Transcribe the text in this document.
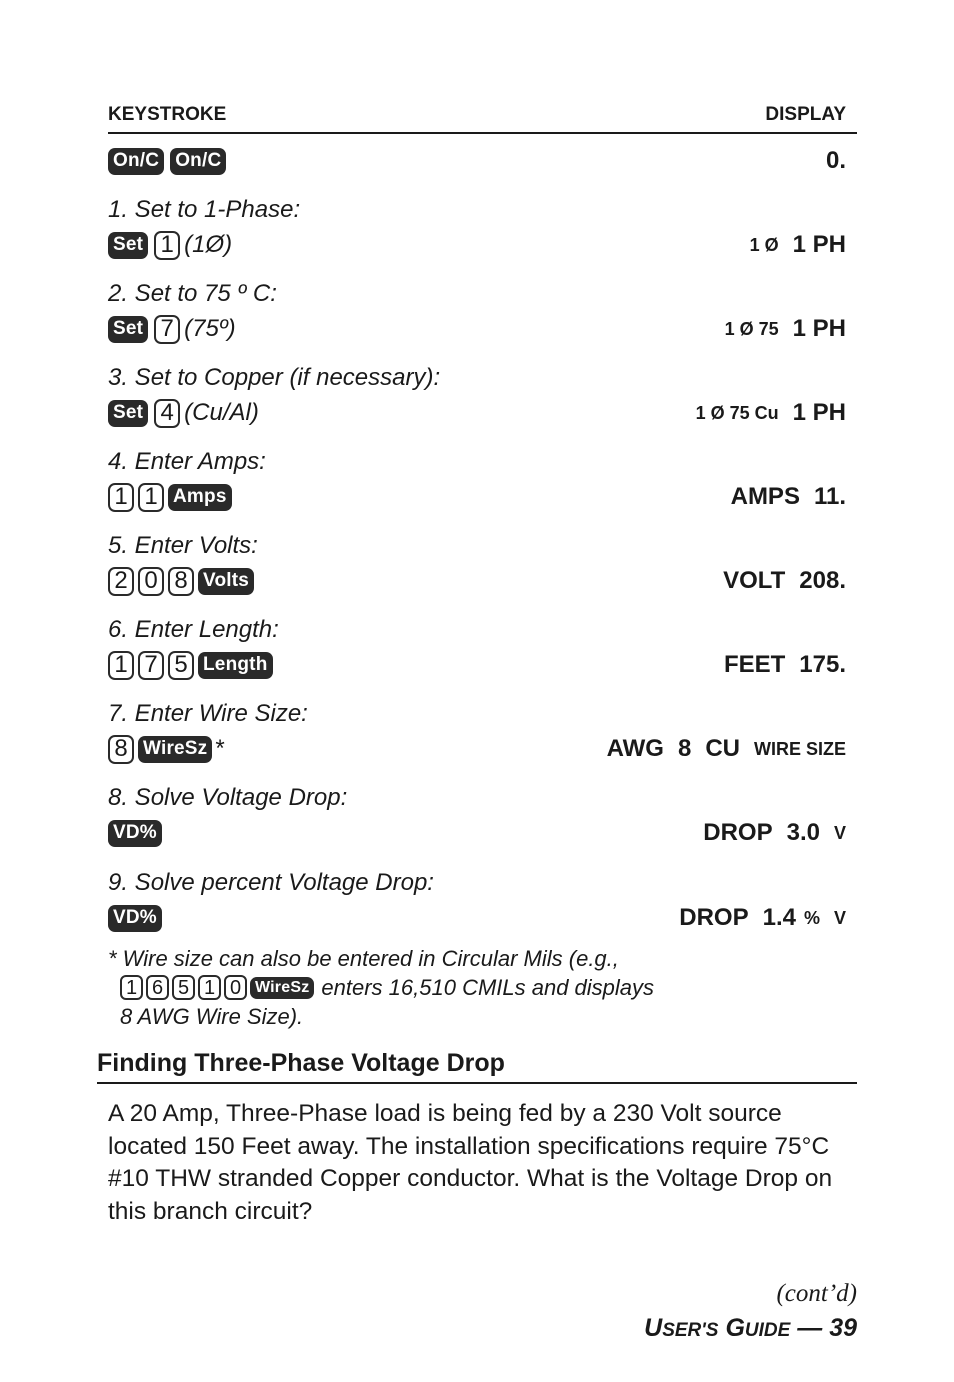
KEYSTROKE	DISPLAY
On/C On/C	0.
1. Set to 1-Phase:
Set 1 (1Ø)	1 Ø 1 PH
2. Set to 75 º C:
Set 7 (75º)	1 Ø 75 1 PH
3. Set to Copper (if necessary):
Set 4 (Cu/Al)	1 Ø 75 Cu 1 PH
4. Enter Amps:
1 1 Amps	AMPS 11.
5. Enter Volts:
2 0 8 Volts	VOLT 208.
6. Enter Length:
1 7 5 Length	FEET 175.
7. Enter Wire Size:
8 WireSz *	AWG 8 CU WIRE SIZE
8. Solve Voltage Drop:
VD%	DROP 3.0 V
9. Solve percent Voltage Drop:
VD%	DROP 1.4 % V
* Wire size can also be entered in Circular Mils (e.g.,
1 6 5 1 0 WireSz enters 16,510 CMILs and displays
8 AWG Wire Size).
Finding Three-Phase Voltage Drop
A 20 Amp, Three-Phase load is being fed by a 230 Volt source located 150 Feet away. The installation specifications require 75°C #10 THW stranded Copper conductor. What is the Voltage Drop on this branch circuit?
(cont’d)
USER'S GUIDE — 39
